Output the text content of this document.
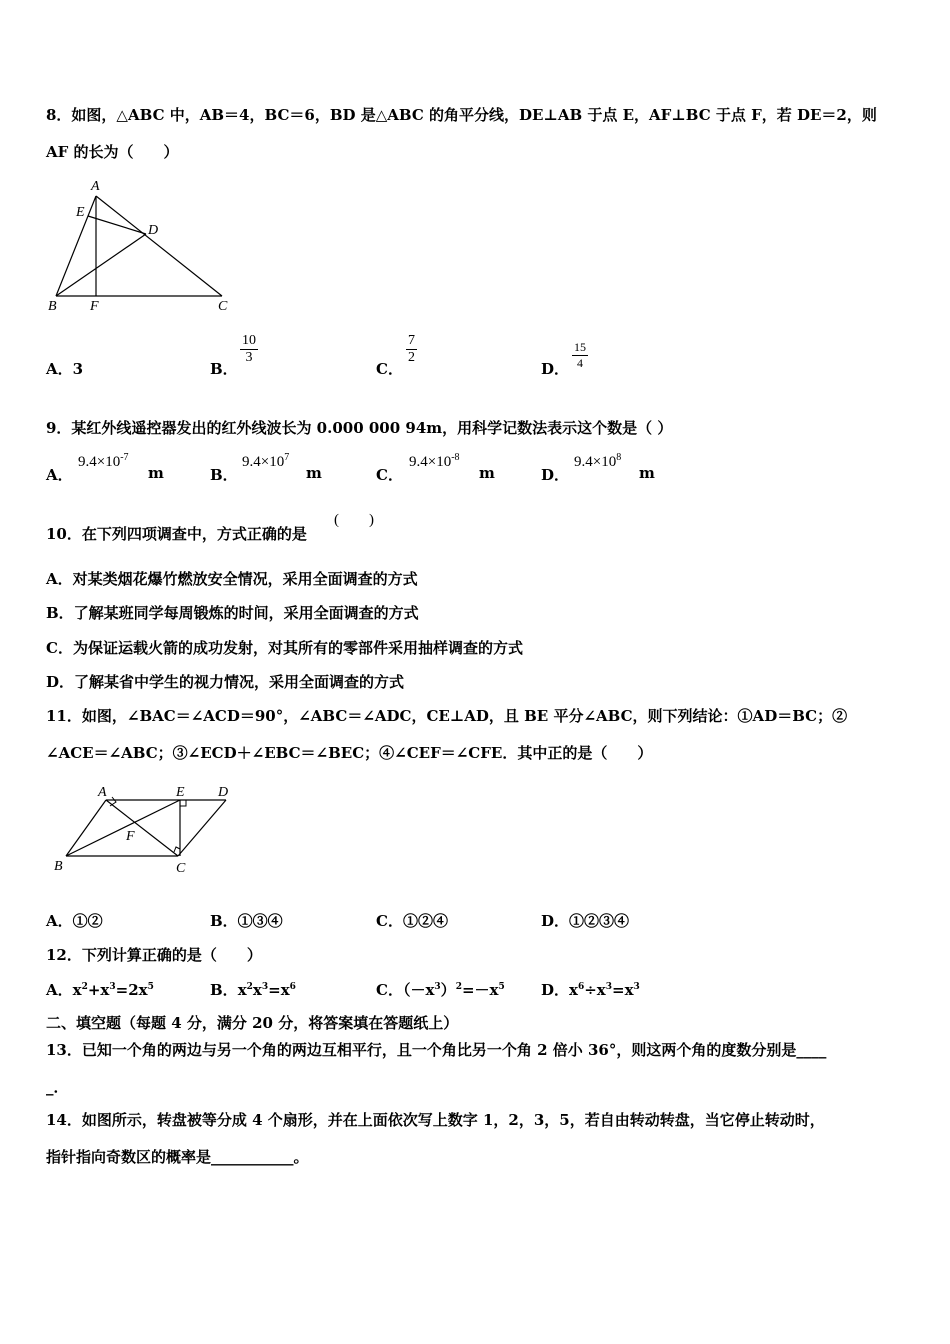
8．如图，△ABC 中，AB＝4，BC＝6，BD 是△ABC 的角平分线，DE⊥AB 于点 E，AF⊥BC 于点 F，若 DE＝2，则
AF 的长为（　　）
A
E
D
B F	C
A．3	B．
$\frac{10}{3}$
C．
$\frac{7}{2}$
D． $\frac{15}{4}$
9．某红外线遥控器发出的红外线波长为 0.000 000 94m，用科学记数法表示这个数是（ ）
A．
$9.4\times 10^{-7}$
m	B．
$9.4\times 10^7$
m	C．
$9.4\times 10^{-8}$
m	D．
$9.4\times 10^8$
m
10．在下列四项调查中，方式正确的是
(　　)
A．对某类烟花爆竹燃放安全情况，采用全面调查的方式
B．了解某班同学每周锻炼的时间，采用全面调查的方式
C．为保证运载火箭的成功发射，对其所有的零部件采用抽样调查的方式
D．了解某省中学生的视力情况，采用全面调查的方式
11．如图，∠BAC＝∠ACD＝90°，∠ABC＝∠ADC，CE⊥AD，且 BE 平分∠ABC，则下列结论：①AD＝BC；②
∠ACE＝∠ABC；③∠ECD＋∠EBC＝∠BEC；④∠CEF＝∠CFE．其中正的是（　　）
A	E D
F
B	C
A．①②	B．①③④	C．①②④	D．①②③④
12．下列计算正确的是（　　）
A．$x^2+x^3=2x^5$	B．$x^2x^3=x^6$	C．$(-x^3)^2=-x^5$ D．$x^6\div x^3=x^3$
二、填空题（每题 4 分，满分 20 分，将答案填在答题纸上）
13．已知一个角的两边与另一个角的两边互相平行，且一个角比另一个角 2 倍小 36°，则这两个角的度数分别是____
_．
14．如图所示，转盘被等分成 4 个扇形，并在上面依次写上数字 1，2，3，5，若自由转动转盘，当它停止转动时，
指针指向奇数区的概率是___________。
